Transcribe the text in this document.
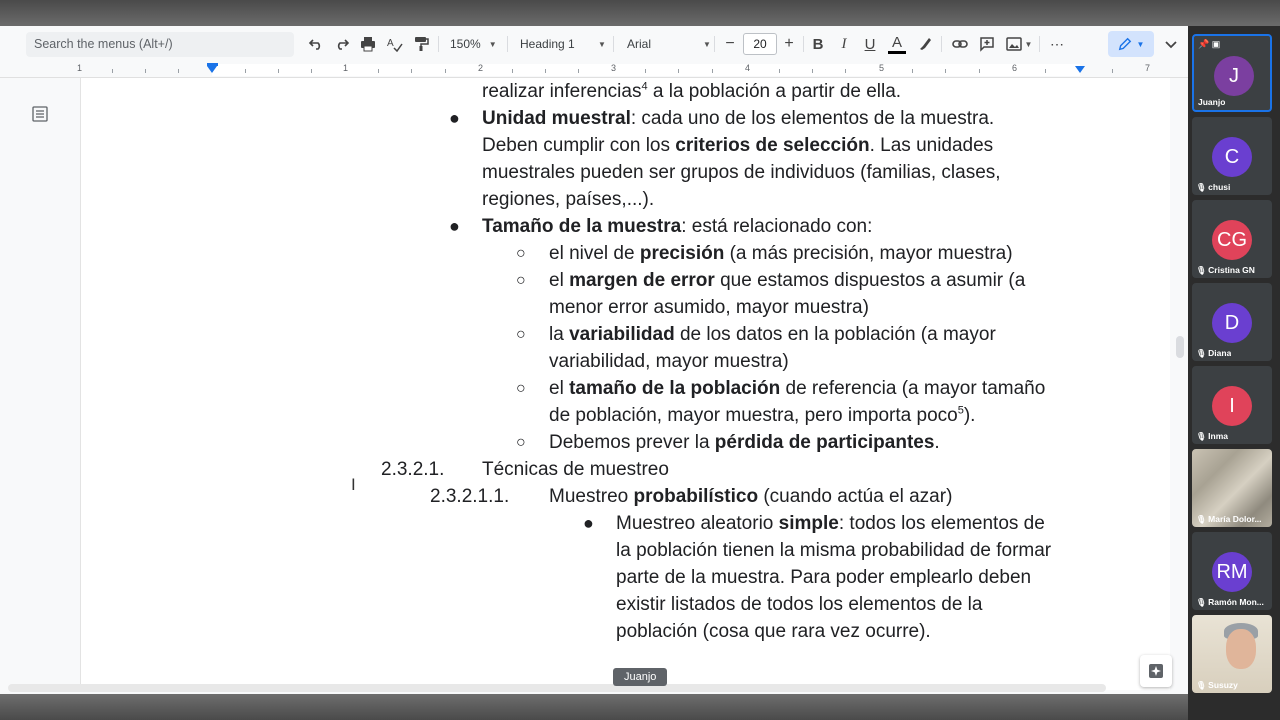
Search the menus (Alt+/)	A	150% ▼ Heading 1	▼ Arial	▼ −	20	+ B	I	U A	▼ ⋯	▼
1	1	2	3	4	5	6	7
realizar inferencias$^4$ a la población a partir de ella.
● Unidad muestral: cada uno de los elementos de la muestra.
Deben cumplir con los criterios de selección. Las unidades
muestrales pueden ser grupos de individuos (familias, clases,
regiones, países,...).
● Tamaño de la muestra: está relacionado con:
○ el nivel de precisión (a más precisión, mayor muestra)
○ el margen de error que estamos dispuestos a asumir (a
menor error asumido, mayor muestra)
○ la variabilidad de los datos en la población (a mayor
variabilidad, mayor muestra)
○ el tamaño de la población de referencia (a mayor tamaño
de población, mayor muestra, pero importa poco$^5$).
○ Debemos prever la pérdida de participantes.
2.3.2.1. Técnicas de muestreo
2.3.2.1.1. Muestreo probabilístico (cuando actúa el azar)
● Muestreo aleatorio simple: todos los elementos de
la población tienen la misma probabilidad de formar
parte de la muestra. Para poder emplearlo deben
existir listados de todos los elementos de la
población (cosa que rara vez ocurre).
Juanjo
I
📌 ▣
J
Juanjo
C
🎙 chusi
CG
🎙 Cristina GN
D
🎙 Diana
I
🎙 Inma
🎙 María Dolor...
RM
🎙 Ramón Mon...
🎙 Susuzy
